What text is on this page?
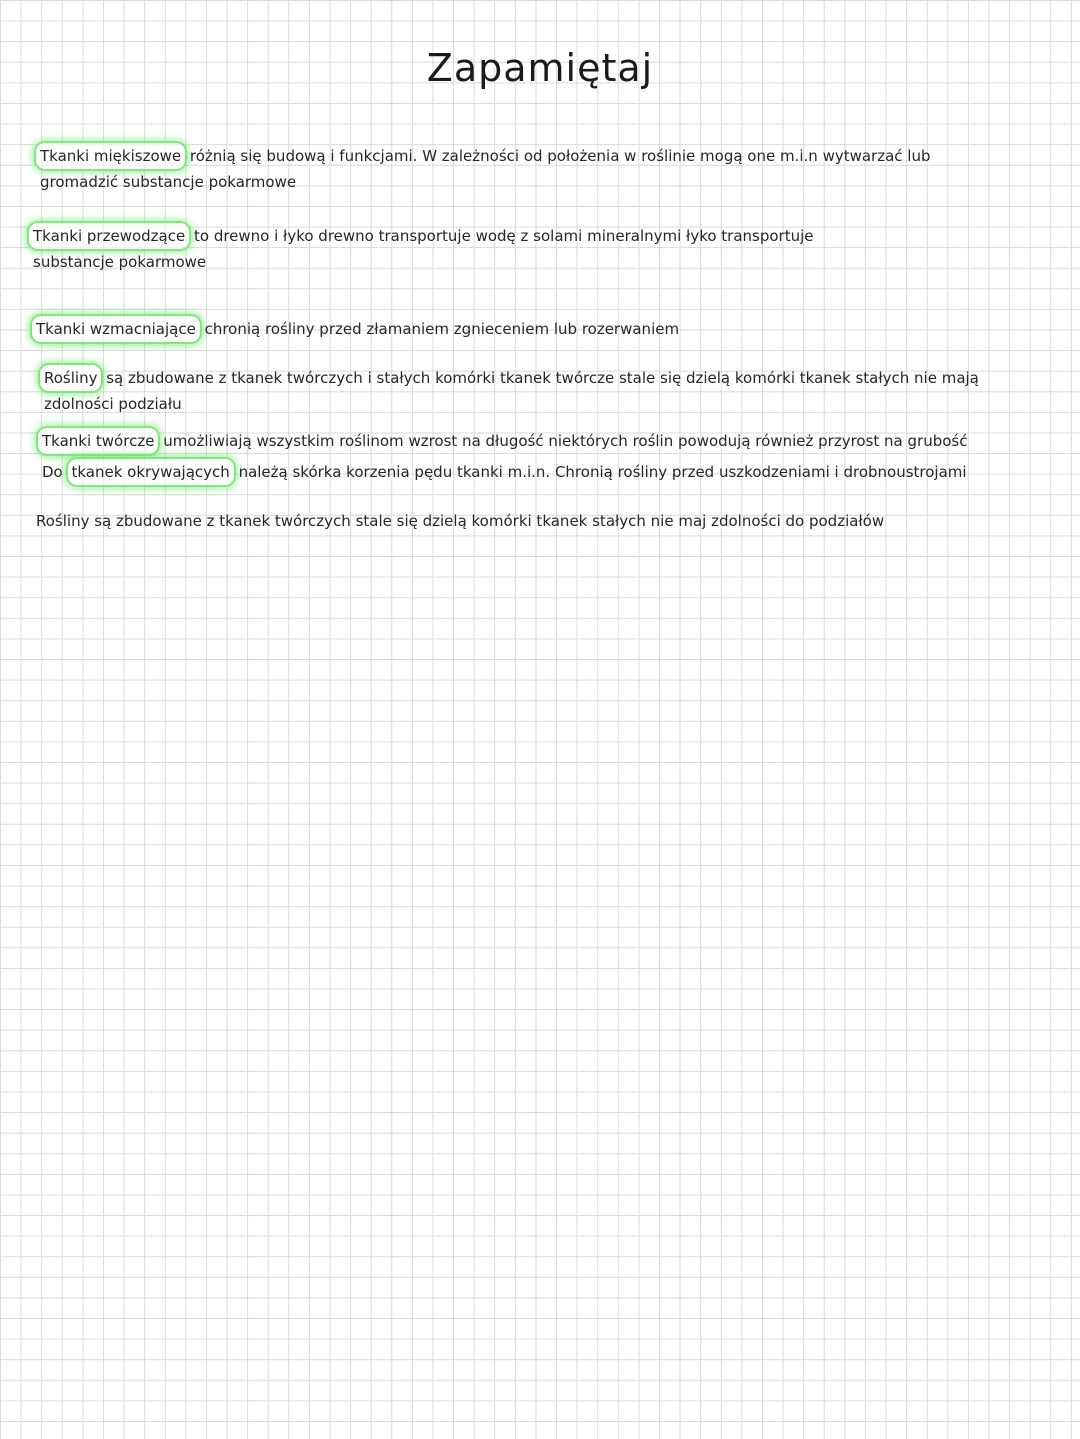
Zapamiętaj
Tkanki miękiszowe różnią się budową i funkcjami. W zależności od położenia w roślinie mogą one m.i.n wytwarzać lub
gromadzić substancje pokarmowe
Tkanki przewodzące to drewno i łyko drewno transportuje wodę z solami mineralnymi łyko transportuje
substancje pokarmowe
Tkanki wzmacniające chronią rośliny przed złamaniem zgnieceniem lub rozerwaniem
Rośliny są zbudowane z tkanek twórczych i stałych komórki tkanek twórcze stale się dzielą komórki tkanek stałych nie mają
zdolności podziału
Tkanki twórcze umożliwiają wszystkim roślinom wzrost na długość niektórych roślin powodują również przyrost na grubość
Do tkanek okrywających należą skórka korzenia pędu tkanki m.i.n. Chronią rośliny przed uszkodzeniami i drobnoustrojami
Rośliny są zbudowane z tkanek twórczych stale się dzielą komórki tkanek stałych nie maj zdolności do podziałów
